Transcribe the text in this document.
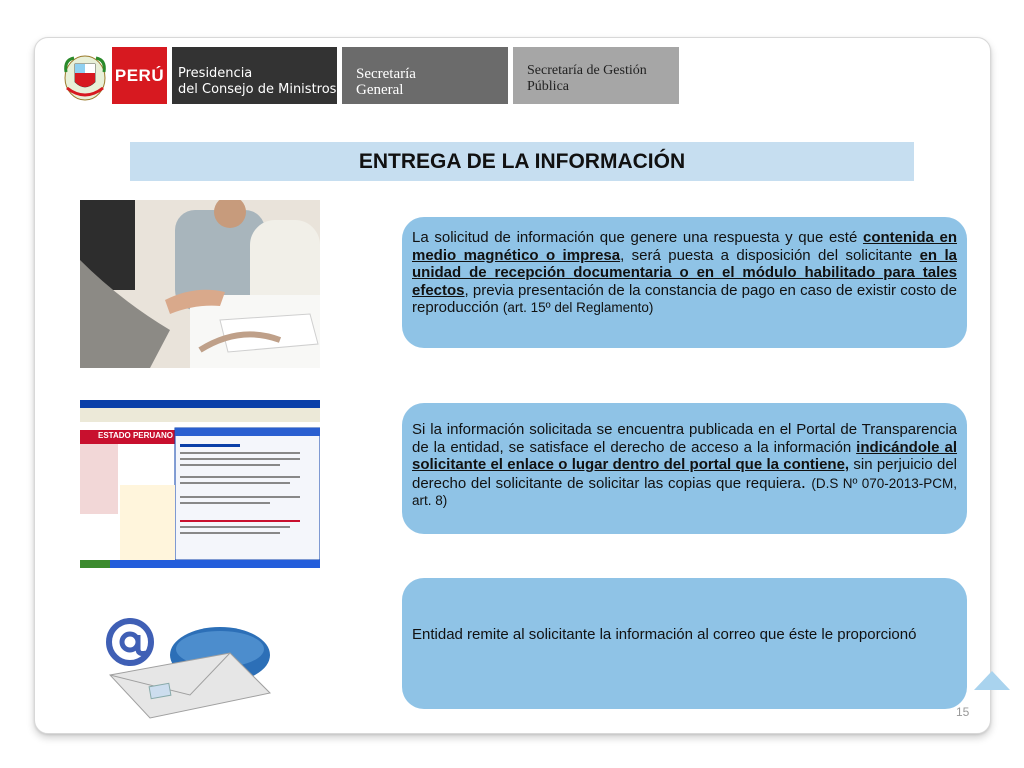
PERÚ Presidencia
del Consejo de Ministros
Secretaría
General
Secretaría de Gestión
Pública
ENTREGA DE LA INFORMACIÓN
ESTADO PERUANO

La solicitud de información que genere una respuesta y que esté contenida en medio magnético o impresa, será puesta a disposición del solicitante en la unidad de recepción documentaria o en el módulo habilitado para tales efectos, previa presentación de la constancia de pago en caso de existir costo de reproducción (art. 15º del Reglamento)

Si la información solicitada se encuentra publicada en el Portal de Transparencia de la entidad, se satisface el derecho de acceso a la información indicándole al solicitante el enlace o lugar dentro del portal que la contiene, sin perjuicio del derecho del solicitante de solicitar las copias que requiera. (D.S Nº 070-2013-PCM, art. 8)

Entidad remite al solicitante la información al correo que éste le proporcionó

15
